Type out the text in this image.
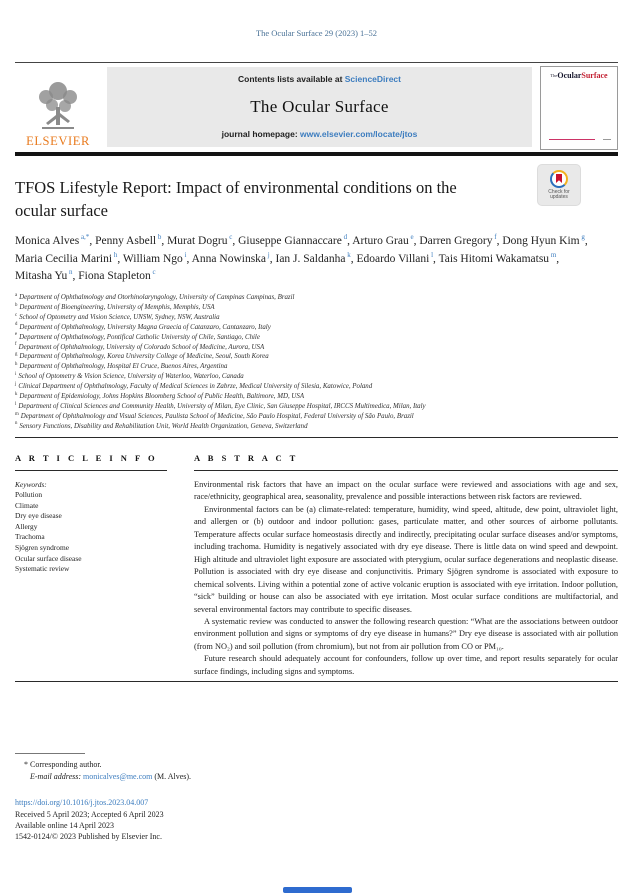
The Ocular Surface 29 (2023) 1–52
ELSEVIER
Contents lists available at ScienceDirect
The Ocular Surface
journal homepage: www.elsevier.com/locate/jtos
$^{The}$OcularSurface
TFOS Lifestyle Report: Impact of environmental conditions on the ocular surface
Check for
updates
Monica Alves $^{a,*}$, Penny Asbell $^b$, Murat Dogru $^c$, Giuseppe Giannaccare $^d$, Arturo Grau $^e$, Darren Gregory $^f$, Dong Hyun Kim $^g$, Maria Cecilia Marini $^h$, William Ngo $^i$, Anna Nowinska $^j$, Ian J. Saldanha $^k$, Edoardo Villani $^l$, Tais Hitomi Wakamatsu $^m$, Mitasha Yu $^n$, Fiona Stapleton $^c$
$^a$ Department of Ophthalmology and Otorhinolaryngology, University of Campinas Campinas, Brazil
$^b$ Department of Bioengineering, University of Memphis, Memphis, USA
$^c$ School of Optometry and Vision Science, UNSW, Sydney, NSW, Australia
$^d$ Department of Ophthalmology, University Magna Graecia of Catanzaro, Cantanzaro, Italy
$^e$ Department of Ophthalmology, Pontifical Catholic University of Chile, Santiago, Chile
$^f$ Department of Ophthalmology, University of Colorado School of Medicine, Aurora, USA
$^g$ Department of Ophthalmology, Korea University College of Medicine, Seoul, South Korea
$^h$ Department of Ophthalmology, Hospital El Cruce, Buenos Aires, Argentina
$^i$ School of Optometry & Vision Science, University of Waterloo, Waterloo, Canada
$^j$ Clinical Department of Ophthalmology, Faculty of Medical Sciences in Zabrze, Medical University of Silesia, Katowice, Poland
$^k$ Department of Epidemiology, Johns Hopkins Bloomberg School of Public Health, Baltimore, MD, USA
$^l$ Department of Clinical Sciences and Community Health, University of Milan, Eye Clinic, San Giuseppe Hospital, IRCCS Multimedica, Milan, Italy
$^m$ Department of Ophthalmology and Visual Sciences, Paulista School of Medicine, São Paulo Hospital, Federal University of São Paulo, Brazil
$^n$ Sensory Functions, Disability and Rehabilitation Unit, World Health Organization, Geneva, Switzerland
A R T I C L E I N F O
Keywords:
Pollution
Climate
Dry eye disease
Allergy
Trachoma
Sjögren syndrome
Ocular surface disease
Systematic review
A B S T R A C T

Environmental risk factors that have an impact on the ocular surface were reviewed and associations with age and sex, race/ethnicity, geographical area, seasonality, prevalence and possible interactions between risk factors are reviewed.

Environmental factors can be (a) climate-related: temperature, humidity, wind speed, altitude, dew point, ultraviolet light, and allergen or (b) outdoor and indoor pollution: gases, particulate matter, and other sources of airborne pollutants. Temperature affects ocular surface homeostasis directly and indirectly, precipitating ocular surface diseases and/or symptoms, including trachoma. Humidity is negatively associated with dry eye disease. There is little data on wind speed and dewpoint. High altitude and ultraviolet light exposure are associated with pterygium, ocular surface degenerations and neoplastic disease. Pollution is associated with dry eye disease and conjunctivitis. Primary Sjögren syndrome is associated with exposure to chemical solvents. Living within a potential zone of active volcanic eruption is associated with eye irritation. Indoor pollution, “sick” building or house can also be associated with eye irritation. Most ocular surface conditions are multifactorial, and several environmental factors may contribute to specific diseases.

A systematic review was conducted to answer the following research question: “What are the associations between outdoor environment pollution and signs or symptoms of dry eye disease in humans?” Dry eye disease is associated with air pollution (from NO₂) and soil pollution (from chromium), but not from air pollution from CO or PM₁₀.

Future research should adequately account for confounders, follow up over time, and report results separately for ocular surface findings, including signs and symptoms.

* Corresponding author.
E-mail address: monicalves@me.com (M. Alves).
https://doi.org/10.1016/j.jtos.2023.04.007
Received 5 April 2023; Accepted 6 April 2023
Available online 14 April 2023
1542-0124/© 2023 Published by Elsevier Inc.
